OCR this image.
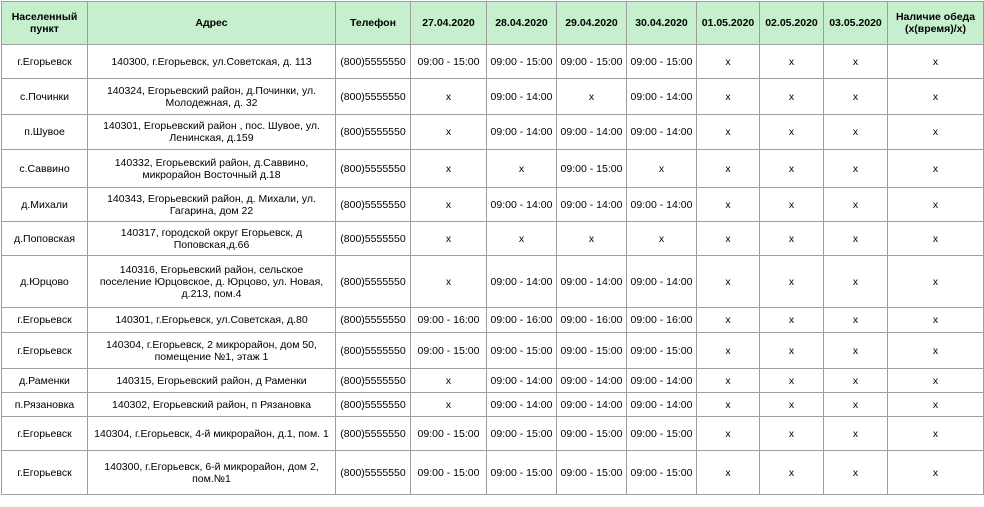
Населенный пункт	Адрес	Телефон	27.04.2020	28.04.2020	29.04.2020	30.04.2020	01.05.2020	02.05.2020	03.05.2020	Наличие обеда (х(время)/х)
г.Егорьевск	140300, г.Егорьевск, ул.Советская, д. 113	(800)5555550	09:00 - 15:00	09:00 - 15:00	09:00 - 15:00	09:00 - 15:00	x	x	x	x
с.Починки	140324, Егорьевский район, д.Починки, ул. Молодежная, д. 32	(800)5555550	x	09:00 - 14:00	x	09:00 - 14:00	x	x	x	x
п.Шувое	140301, Егорьевский район , пос. Шувое, ул. Ленинская, д.159	(800)5555550	x	09:00 - 14:00	09:00 - 14:00	09:00 - 14:00	x	x	x	x
с.Саввино	140332, Егорьевский район, д.Саввино, микрорайон Восточный д.18	(800)5555550	x	x	09:00 - 15:00	x	x	x	x	x
д.Михали	140343, Егорьевский район, д. Михали, ул. Гагарина, дом 22	(800)5555550	x	09:00 - 14:00	09:00 - 14:00	09:00 - 14:00	x	x	x	x
д.Поповская	140317, городской округ Егорьевск, д Поповская,д.66	(800)5555550	x	x	x	x	x	x	x	x
д.Юрцово	140316, Егорьевский район, сельское поселение Юрцовское, д. Юрцово, ул. Новая, д.213, пом.4	(800)5555550	x	09:00 - 14:00	09:00 - 14:00	09:00 - 14:00	x	x	x	x
г.Егорьевск	140301, г.Егорьевск, ул.Советская, д.80	(800)5555550	09:00 - 16:00	09:00 - 16:00	09:00 - 16:00	09:00 - 16:00	x	x	x	x
г.Егорьевск	140304, г.Егорьевск, 2 микрорайон, дом 50, помещение №1, этаж 1	(800)5555550	09:00 - 15:00	09:00 - 15:00	09:00 - 15:00	09:00 - 15:00	x	x	x	x
д.Раменки	140315, Егорьевский район, д Раменки	(800)5555550	x	09:00 - 14:00	09:00 - 14:00	09:00 - 14:00	x	x	x	x
п.Рязановка	140302, Егорьевский район, п Рязановка	(800)5555550	x	09:00 - 14:00	09:00 - 14:00	09:00 - 14:00	x	x	x	x
г.Егорьевск	140304, г.Егорьевск, 4-й микрорайон, д.1, пом. 1	(800)5555550	09:00 - 15:00	09:00 - 15:00	09:00 - 15:00	09:00 - 15:00	x	x	x	x
г.Егорьевск	140300, г.Егорьевск, 6-й микрорайон, дом 2, пом.№1	(800)5555550	09:00 - 15:00	09:00 - 15:00	09:00 - 15:00	09:00 - 15:00	x	x	x	x
